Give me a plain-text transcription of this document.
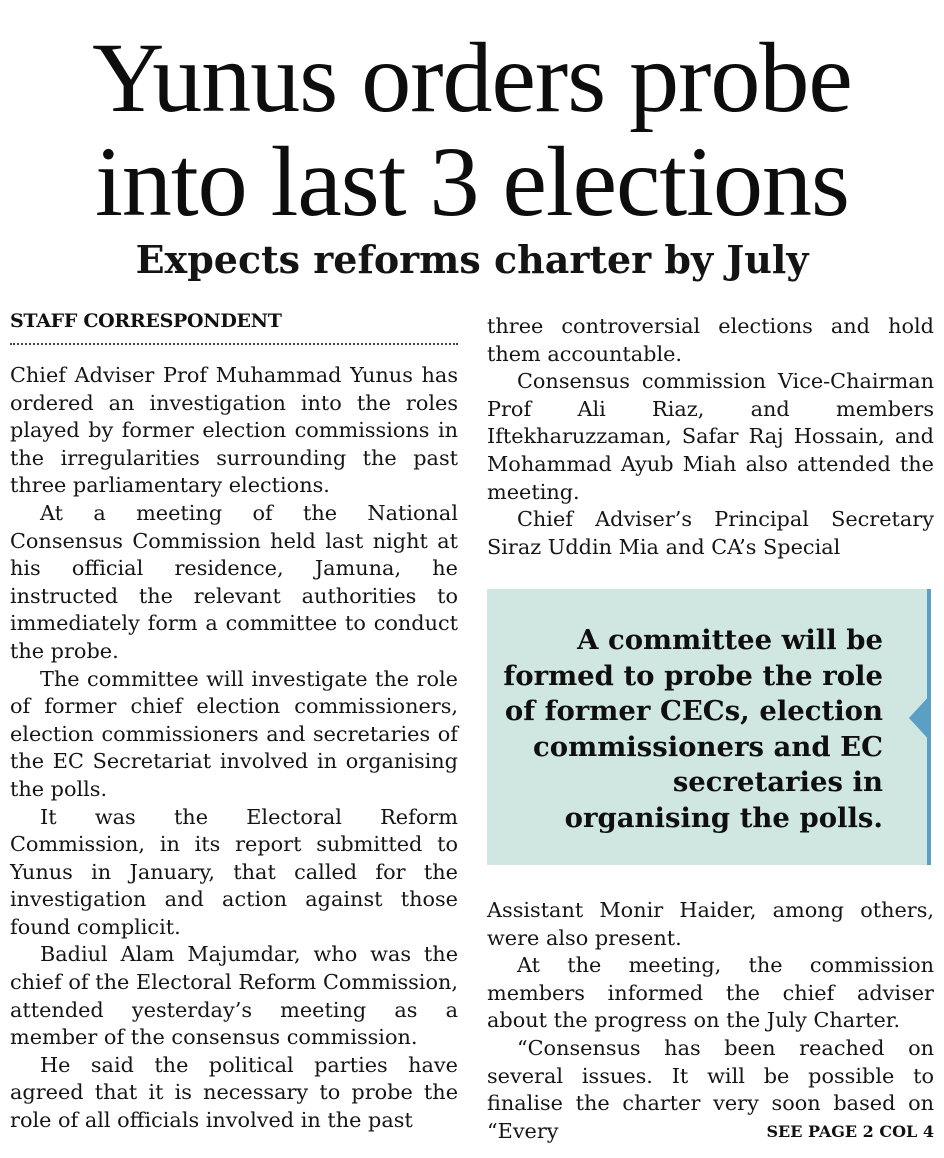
Yunus orders probe
into last 3 elections
Expects reforms charter by July
STAFF CORRESPONDENT

Chief Adviser Prof Muhammad Yunus has ordered an investigation into the roles played by former election commissions in the irregularities surrounding the past three parliamentary elections.

At a meeting of the National Consensus Commission held last night at his official residence, Jamuna, he instructed the relevant authorities to immediately form a committee to conduct the probe.

The committee will investigate the role of former chief election commissioners, election commissioners and secretaries of the EC Secretariat involved in organising the polls.

It was the Electoral Reform Commission, in its report submitted to Yunus in January, that called for the investigation and action against those found complicit.

Badiul Alam Majumdar, who was the chief of the Electoral Reform Commission, attended yesterday’s meeting as a member of the consensus commission.

He said the political parties have agreed that it is necessary to probe the role of all officials involved in the past

three controversial elections and hold them accountable.

Consensus commission Vice-Chairman Prof Ali Riaz, and members Iftekharuzzaman, Safar Raj Hossain, and Mohammad Ayub Miah also attended the meeting.

Chief Adviser’s Principal Secretary Siraz Uddin Mia and CA’s Special

A committee will be formed to probe the role of former CECs, election commissioners and EC secretaries in organising the polls.

Assistant Monir Haider, among others, were also present.

At the meeting, the commission members informed the chief adviser about the progress on the July Charter.

“Consensus has been reached on several issues. It will be possible to finalise the charter very soon based on “Every	SEE PAGE 2 COL 4
